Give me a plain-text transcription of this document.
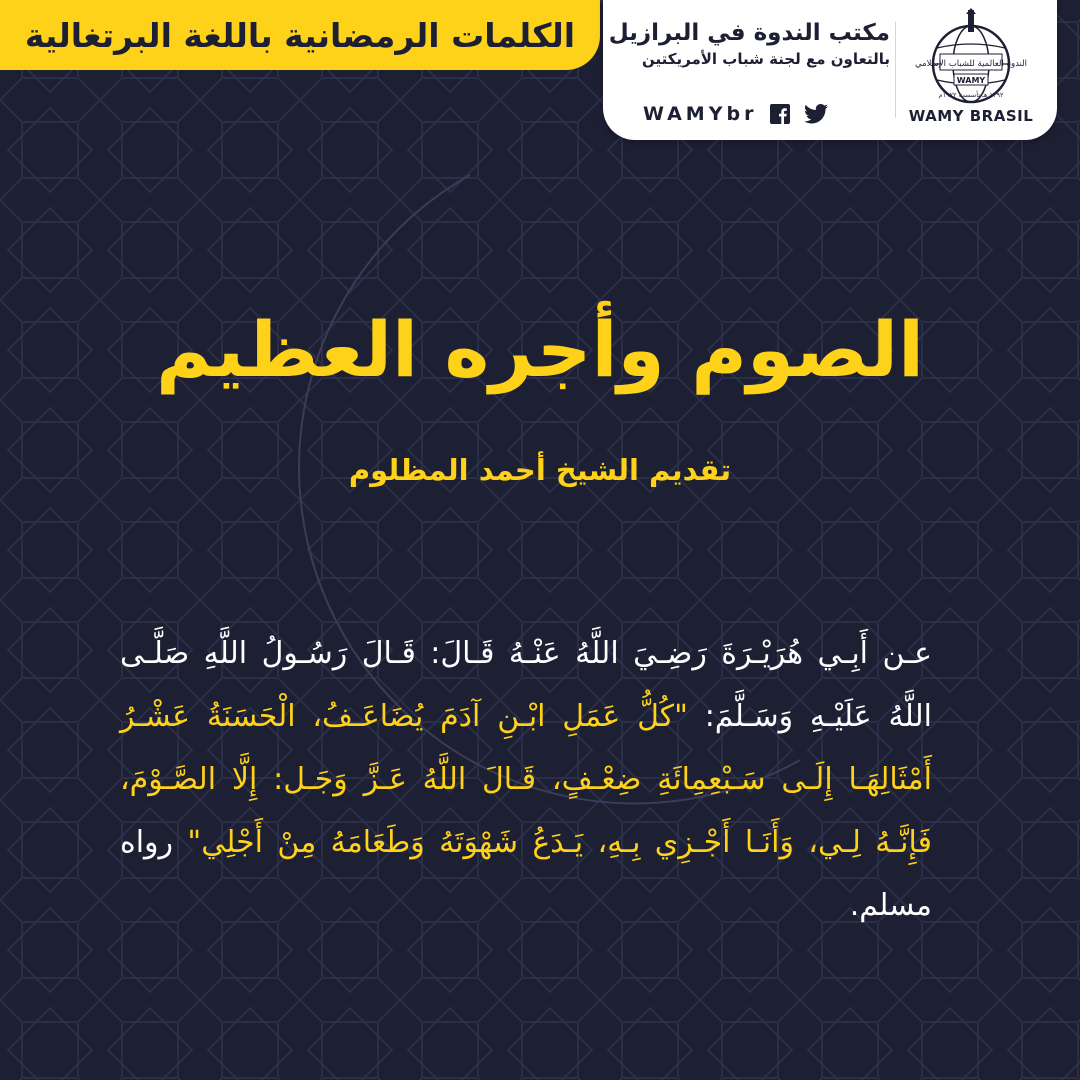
الكلمات الرمضانية باللغة البرتغالية مكتب الندوة في البرازيل
بالتعاون مع لجنة شباب الأمريكتين
WAMYbr
الندوة العالمية للشباب الإسلامي
WAMY
١٣٩٢ هـ تأسست ١٩٧٢م
WAMY BRASIL
الصوم وأجره العظيم
تقديم الشيخ أحمد المظلوم
عـن أَبِـي هُرَيْـرَةَ رَضِـيَ اللَّهُ عَنْـهُ قَـالَ: قَـالَ رَسُـولُ اللَّهِ صَلَّـى اللَّهُ عَلَيْـهِ وَسَـلَّمَ: "كُلُّ عَمَلِ ابْـنِ آدَمَ يُضَاعَـفُ، الْحَسَنَةُ عَشْـرُ أَمْثَالِهَـا إِلَـى سَـبْعِمِائَةِ ضِعْـفٍ، قَـالَ اللَّهُ عَـزَّ وَجَـل: إِلَّا الصَّـوْمَ، فَإِنَّـهُ لِـي، وَأَنَـا أَجْـزِي بِـهِ، يَـدَعُ شَهْوَتَهُ وَطَعَامَهُ مِنْ أَجْلِي" رواه مسلم.
